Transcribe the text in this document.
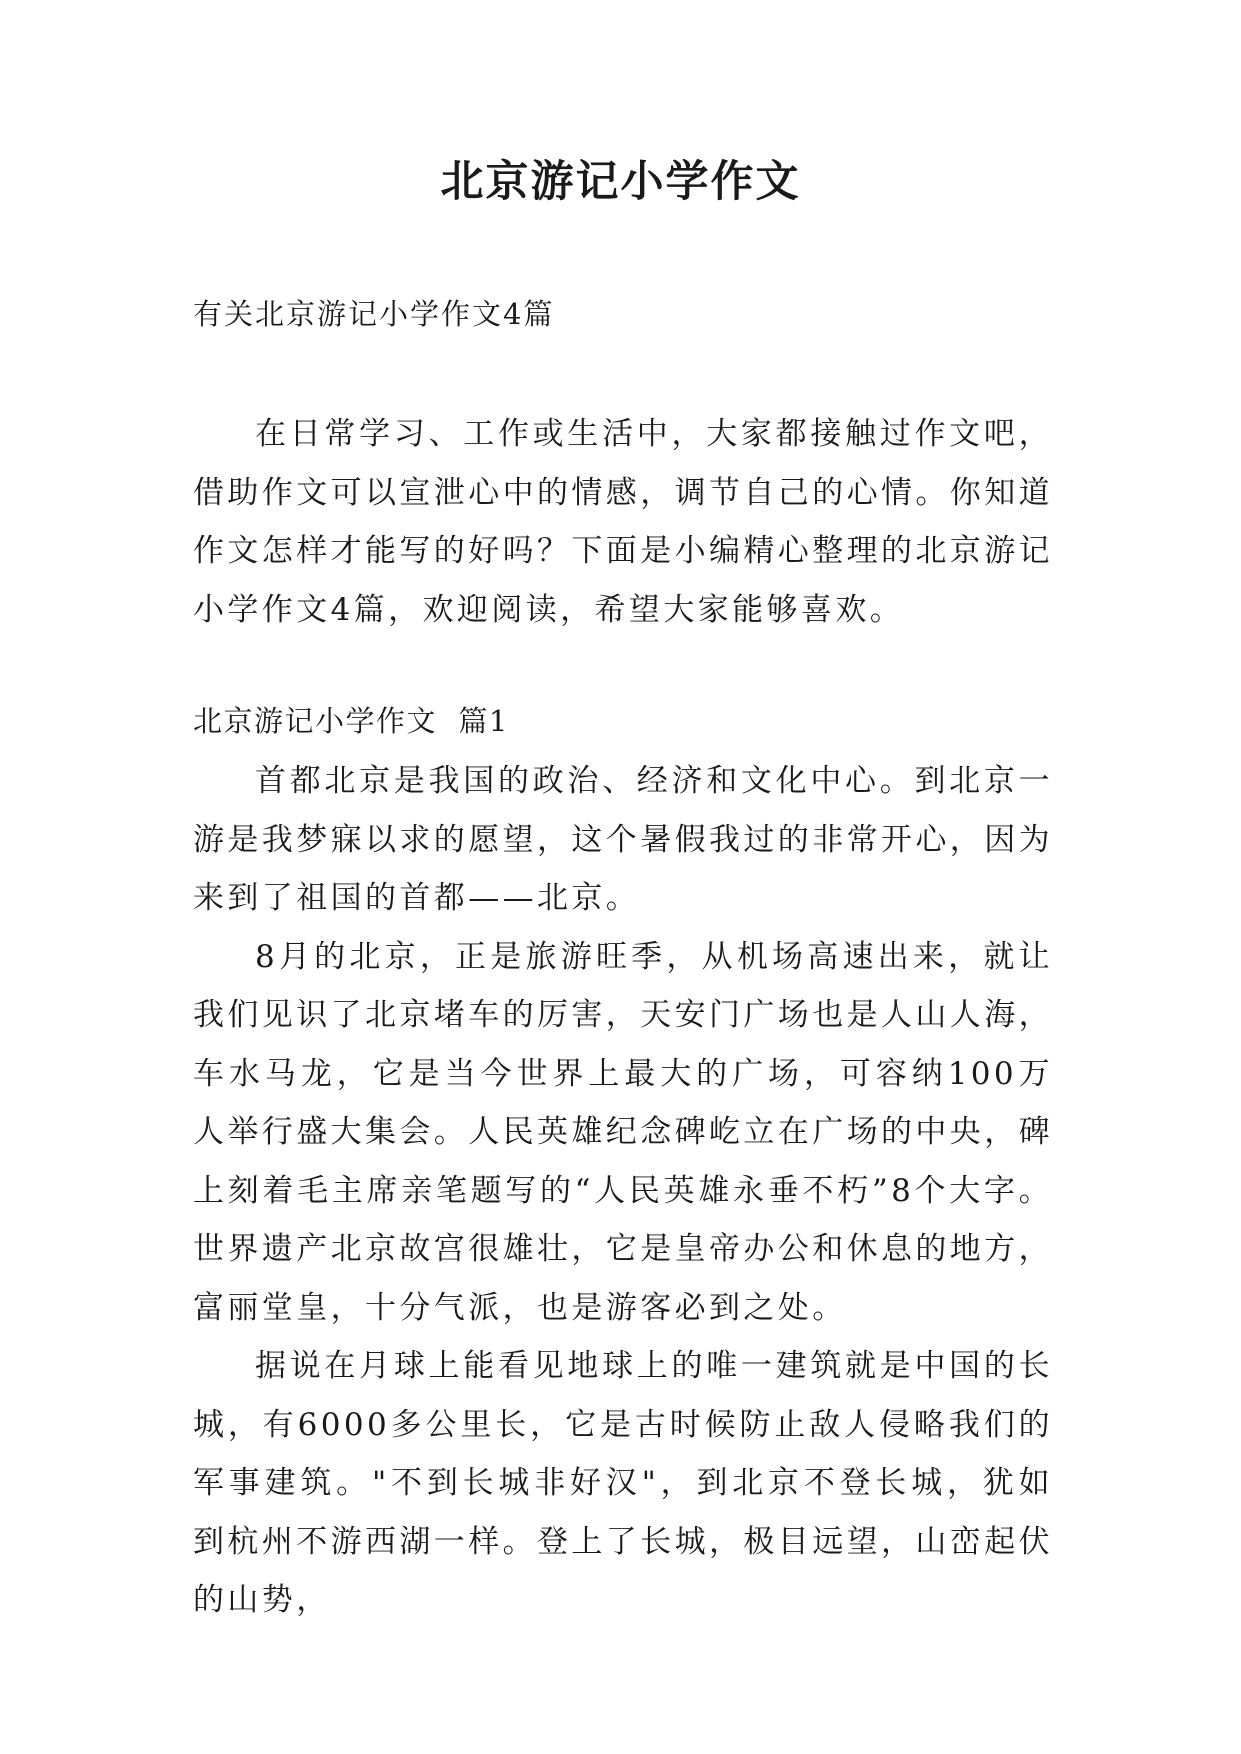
北京游记小学作文
有关北京游记小学作文4篇

在日常学习、工作或生活中，大家都接触过作文吧，借助作文可以宣泄心中的情感，调节自己的心情。你知道作文怎样才能写的好吗？下面是小编精心整理的北京游记小学作文4篇，欢迎阅读，希望大家能够喜欢。

北京游记小学作文  篇1

首都北京是我国的政治、经济和文化中心。到北京一游是我梦寐以求的愿望，这个暑假我过的非常开心，因为来到了祖国的首都——北京。

8月的北京，正是旅游旺季，从机场高速出来，就让我们见识了北京堵车的厉害，天安门广场也是人山人海，车水马龙，它是当今世界上最大的广场，可容纳100万人举行盛大集会。人民英雄纪念碑屹立在广场的中央，碑上刻着毛主席亲笔题写的“人民英雄永垂不朽”8个大字。世界遗产北京故宫很雄壮，它是皇帝办公和休息的地方，富丽堂皇，十分气派，也是游客必到之处。

据说在月球上能看见地球上的唯一建筑就是中国的长城，有6000多公里长，它是古时候防止敌人侵略我们的军事建筑。"不到长城非好汉"，到北京不登长城，犹如到杭州不游西湖一样。登上了长城，极目远望，山峦起伏的山势，
